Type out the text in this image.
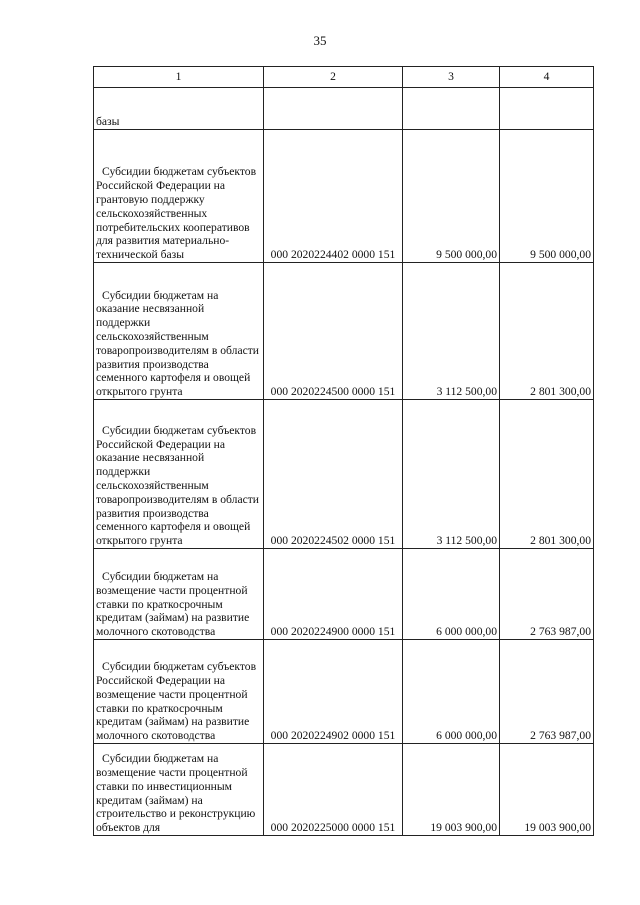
35
1	2	3	4
базы			
Субсидии бюджетам субъектов Российской Федерации на грантовую поддержку сельскохозяйственных потребительских кооперативов для развития материально-технической базы	000 2020224402 0000 151	9 500 000,00	9 500 000,00
Субсидии бюджетам на оказание несвязанной поддержки сельскохозяйственным товаропроизводителям в области развития производства семенного картофеля и овощей открытого грунта	000 2020224500 0000 151	3 112 500,00	2 801 300,00
Субсидии бюджетам субъектов Российской Федерации на оказание несвязанной поддержки сельскохозяйственным товаропроизводителям в области развития производства семенного картофеля и овощей открытого грунта	000 2020224502 0000 151	3 112 500,00	2 801 300,00
Субсидии бюджетам на возмещение части процентной ставки по краткосрочным кредитам (займам) на развитие молочного скотоводства	000 2020224900 0000 151	6 000 000,00	2 763 987,00
Субсидии бюджетам субъектов Российской Федерации на возмещение части процентной ставки по краткосрочным кредитам (займам) на развитие молочного скотоводства	000 2020224902 0000 151	6 000 000,00	2 763 987,00
Субсидии бюджетам на возмещение части процентной ставки по инвестиционным кредитам (займам) на строительство и реконструкцию объектов для	000 2020225000 0000 151	19 003 900,00	19 003 900,00
